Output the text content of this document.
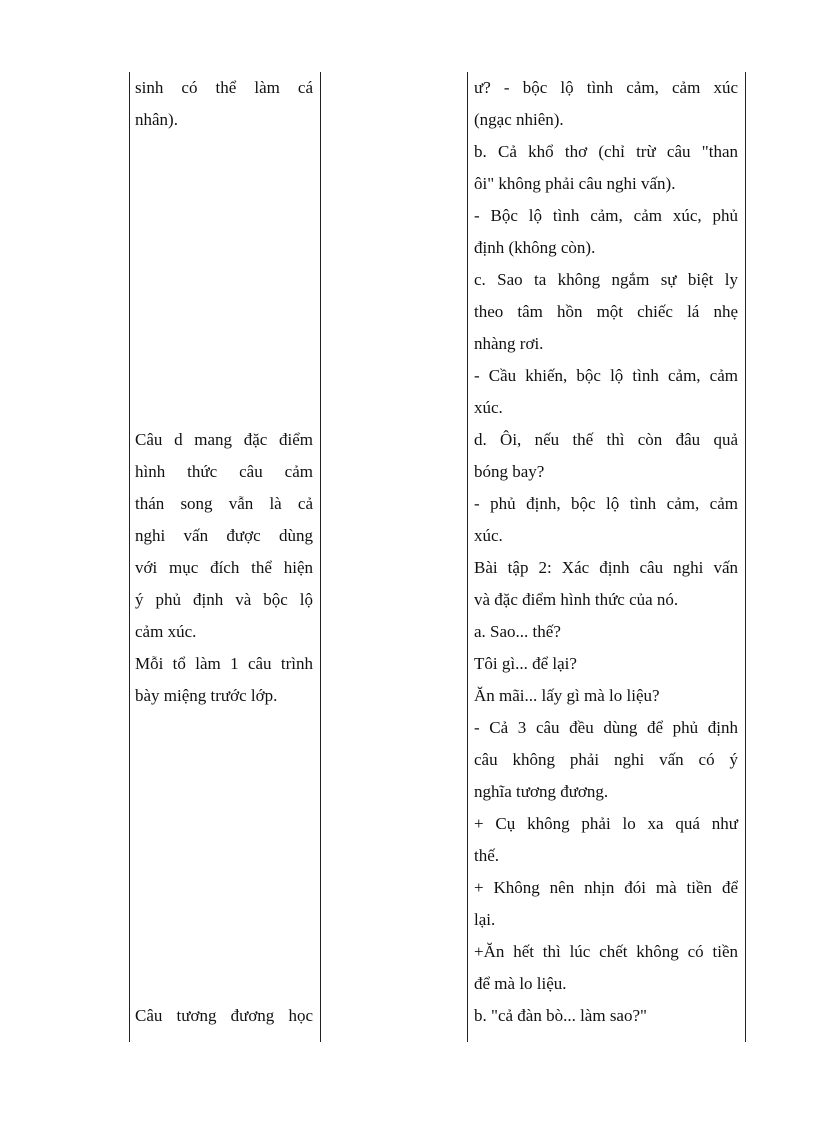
sinh có thể làm cá
nhân).
Câu d mang đặc điểm
hình thức câu cảm
thán song vẫn là cả
nghi vấn được dùng
với mục đích thể hiện
ý phủ định và bộc lộ
cảm xúc.
Mỗi tổ làm 1 câu trình
bày miệng trước lớp.
Câu tương đương học
ư? - bộc lộ tình cảm, cảm xúc
(ngạc nhiên).
b. Cả khổ thơ (chỉ trừ câu "than
ôi" không phải câu nghi vấn).
- Bộc lộ tình cảm, cảm xúc, phủ
định (không còn).
c. Sao ta không ngắm sự biệt ly
theo tâm hồn một chiếc lá nhẹ
nhàng rơi.
- Cầu khiến, bộc lộ tình cảm, cảm
xúc.
d. Ôi, nếu thế thì còn đâu quả
bóng bay?
- phủ định, bộc lộ tình cảm, cảm
xúc.
Bài tập 2: Xác định câu nghi vấn
và đặc điểm hình thức của nó.
a. Sao... thế?
Tôi gì... để lại?
Ăn mãi... lấy gì mà lo liệu?
- Cả 3 câu đều dùng để phủ định
câu không phải nghi vấn có ý
nghĩa tương đương.
+ Cụ không phải lo xa quá như
thế.
+ Không nên nhịn đói mà tiền để
lại.
+Ăn hết thì lúc chết không có tiền
để mà lo liệu.
b. "cả đàn bò... làm sao?"
